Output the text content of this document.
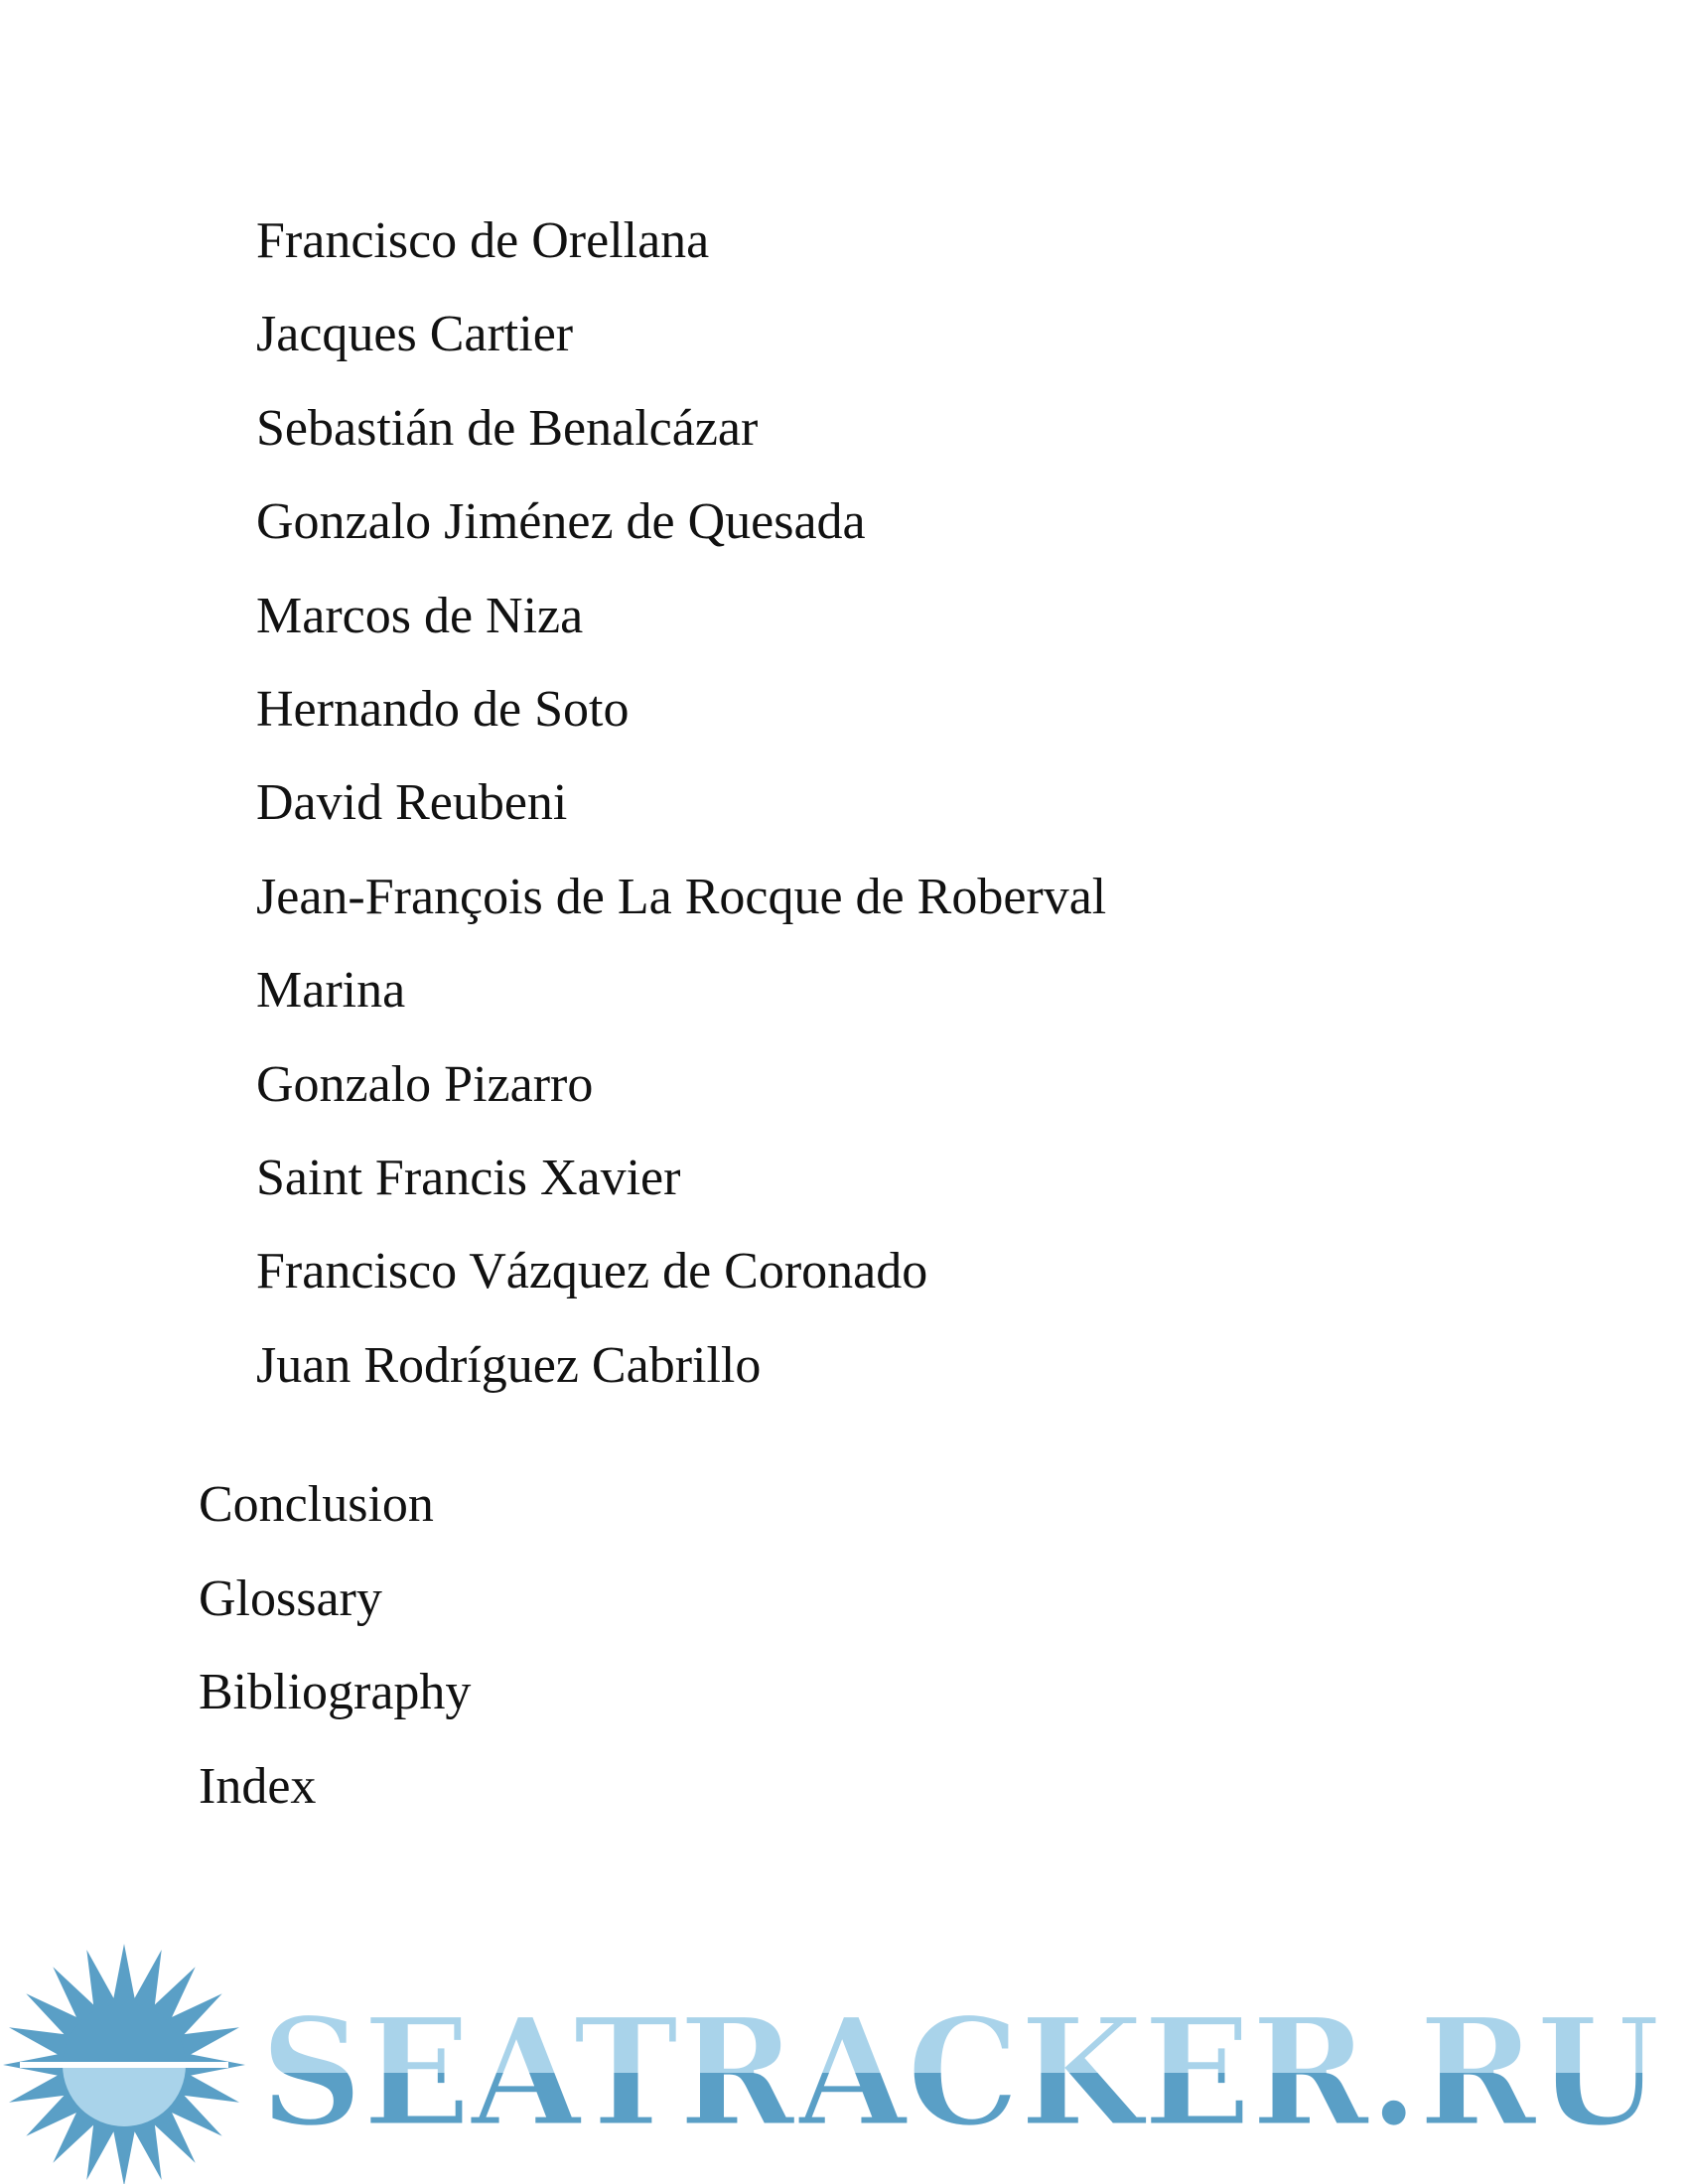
Francisco de Orellana
Jacques Cartier
Sebastián de Benalcázar
Gonzalo Jiménez de Quesada
Marcos de Niza
Hernando de Soto
David Reubeni
Jean-François de La Rocque de Roberval
Marina
Gonzalo Pizarro
Saint Francis Xavier
Francisco Vázquez de Coronado
Juan Rodríguez Cabrillo
Conclusion
Glossary
Bibliography
Index
SEATRACKER.RU
